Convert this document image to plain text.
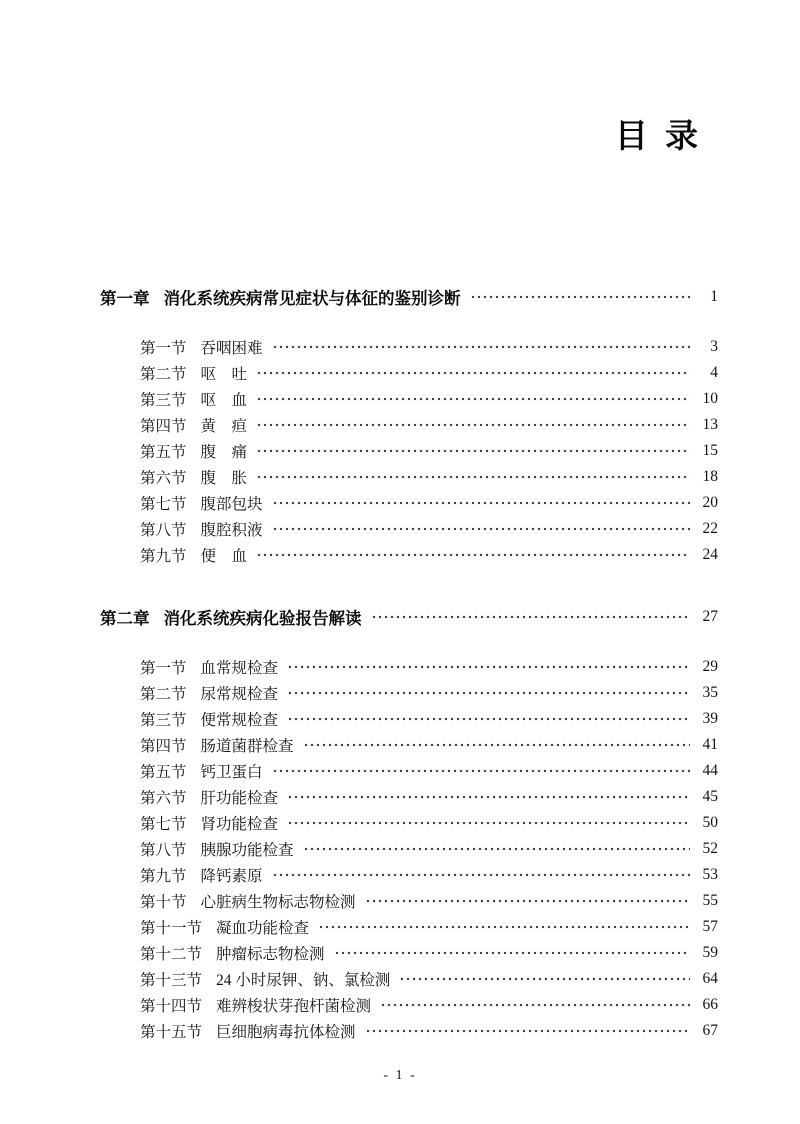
目 录
第一章 消化系统疾病常见症状与体征的鉴别诊断	1
第一节 吞咽困难	3
第二节 呕　吐	4
第三节 呕　血	10
第四节 黄　疸	13
第五节 腹　痛	15
第六节 腹　胀	18
第七节 腹部包块	20
第八节 腹腔积液	22
第九节 便　血	24
第二章 消化系统疾病化验报告解读	27
第一节 血常规检查	29
第二节 尿常规检查	35
第三节 便常规检查	39
第四节 肠道菌群检查	41
第五节 钙卫蛋白	44
第六节 肝功能检查	45
第七节 肾功能检查	50
第八节 胰腺功能检查	52
第九节 降钙素原	53
第十节 心脏病生物标志物检测	55
第十一节 凝血功能检查	57
第十二节 肿瘤标志物检测	59
第十三节 24 小时尿钾、钠、氯检测	64
第十四节 难辨梭状芽孢杆菌检测	66
第十五节 巨细胞病毒抗体检测	67
- 1 -
